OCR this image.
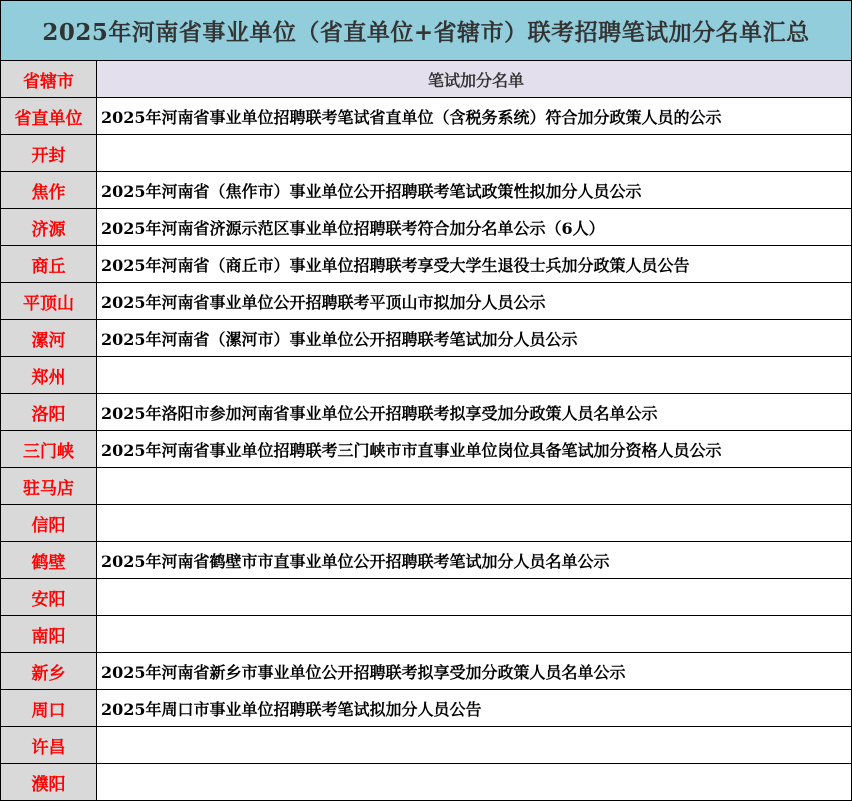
2025年河南省事业单位（省直单位+省辖市）联考招聘笔试加分名单汇总
省辖市	笔试加分名单
省直单位	2025年河南省事业单位招聘联考笔试省直单位（含税务系统）符合加分政策人员的公示
开封
焦作	2025年河南省（焦作市）事业单位公开招聘联考笔试政策性拟加分人员公示
济源	2025年河南省济源示范区事业单位招聘联考符合加分名单公示（6人）
商丘	2025年河南省（商丘市）事业单位招聘联考享受大学生退役士兵加分政策人员公告
平顶山	2025年河南省事业单位公开招聘联考平顶山市拟加分人员公示
漯河	2025年河南省（漯河市）事业单位公开招聘联考笔试加分人员公示
郑州
洛阳	2025年洛阳市参加河南省事业单位公开招聘联考拟享受加分政策人员名单公示
三门峡	2025年河南省事业单位招聘联考三门峡市市直事业单位岗位具备笔试加分资格人员公示
驻马店
信阳
鹤壁	2025年河南省鹤壁市市直事业单位公开招聘联考笔试加分人员名单公示
安阳
南阳
新乡	2025年河南省新乡市事业单位公开招聘联考拟享受加分政策人员名单公示
周口	2025年周口市事业单位招聘联考笔试拟加分人员公告
许昌
濮阳
